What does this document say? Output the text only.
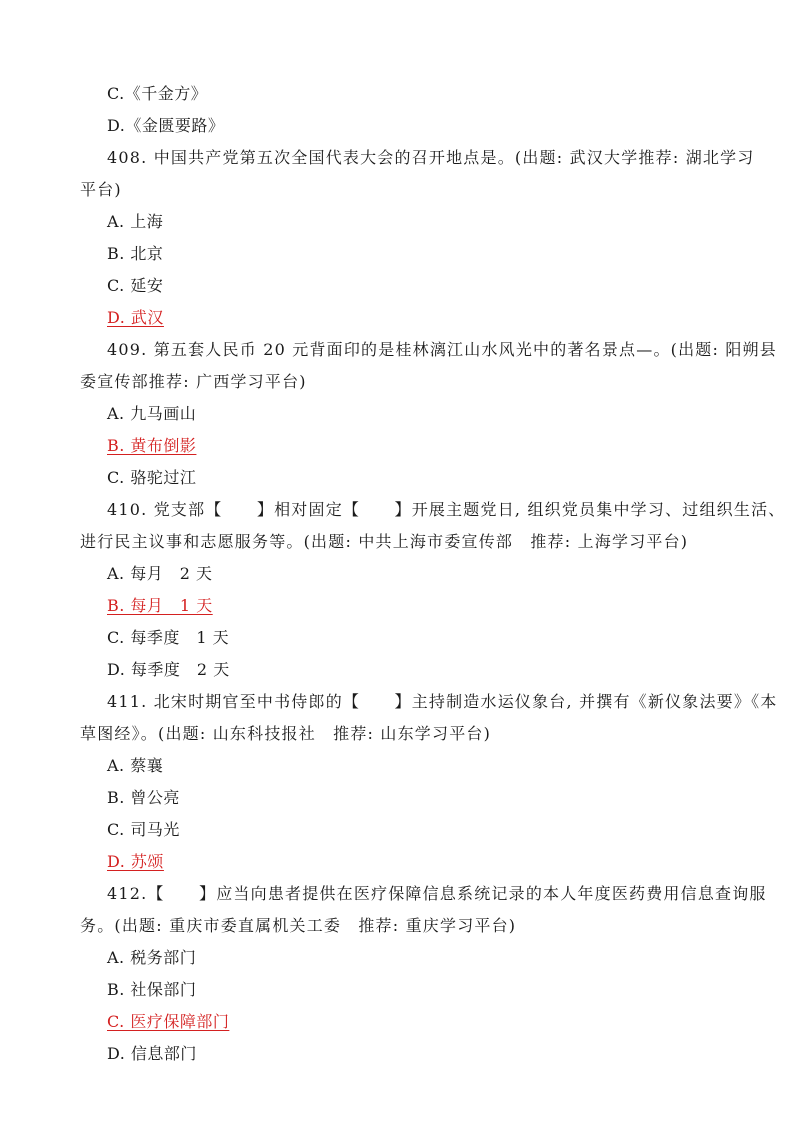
C.《千金方》
D.《金匮要路》
408. 中国共产党第五次全国代表大会的召开地点是。(出题: 武汉大学推荐: 湖北学习
平台)
A. 上海
B. 北京
C. 延安
D. 武汉
409. 第五套人民币 20 元背面印的是桂林漓江山水风光中的著名景点—。(出题: 阳朔县
委宣传部推荐: 广西学习平台)
A. 九马画山
B. 黄布倒影
C. 骆驼过江
410. 党支部【　　】相对固定【　　】开展主题党日, 组织党员集中学习、过组织生活、
进行民主议事和志愿服务等。(出题: 中共上海市委宣传部　推荐: 上海学习平台)
A. 每月　2 天
B. 每月　1 天
C. 每季度　1 天
D. 每季度　2 天
411. 北宋时期官至中书侍郎的【　　】主持制造水运仪象台, 并撰有《新仪象法要》《本
草图经》。(出题: 山东科技报社　推荐: 山东学习平台)
A. 蔡襄
B. 曾公亮
C. 司马光
D. 苏颂
412.【　　】应当向患者提供在医疗保障信息系统记录的本人年度医药费用信息查询服
务。(出题: 重庆市委直属机关工委　推荐: 重庆学习平台)
A. 税务部门
B. 社保部门
C. 医疗保障部门
D. 信息部门
